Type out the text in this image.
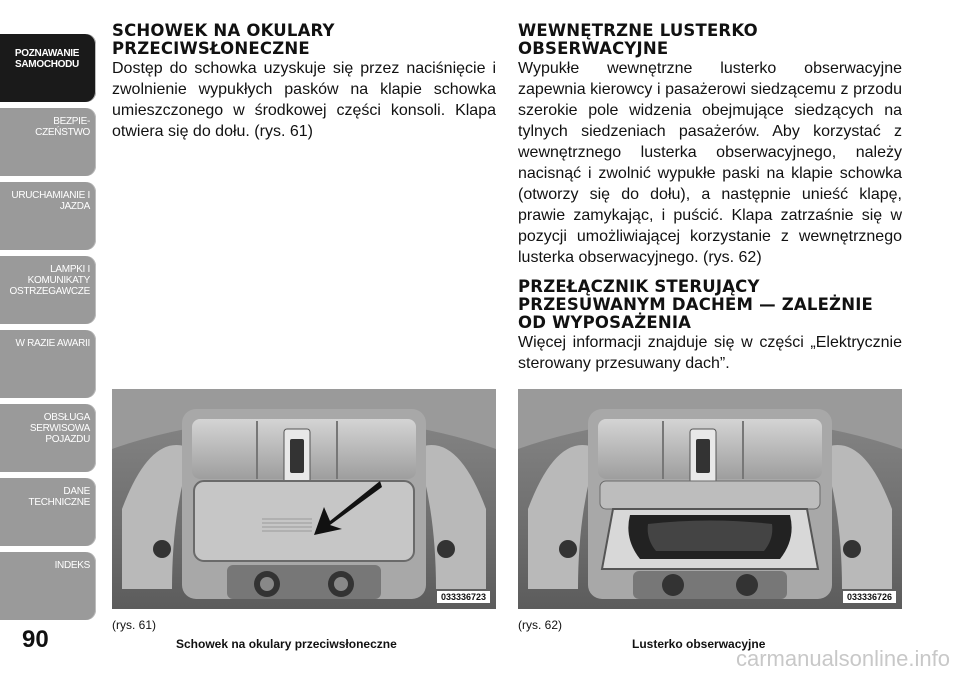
POZNAWANIE SAMOCHODU
BEZPIE- CZEŃSTWO
URUCHAMIANIE I JAZDA
LAMPKI I KOMUNIKATY OSTRZEGAWCZE
W RAZIE AWARII
OBSŁUGA SERWISOWA POJAZDU
DANE TECHNICZNE
INDEKS
90
SCHOWEK NA OKULARY PRZECIWSŁONECZNE

Dostęp do schowka uzyskuje się przez naciśnięcie i zwolnienie wypukłych pasków na klapie schowka umieszczonego w środkowej części konsoli. Klapa otwiera się do dołu. (rys. 61)

WEWNĘTRZNE LUSTERKO OBSERWACYJNE

Wypukłe wewnętrzne lusterko obserwacyjne zapewnia kierowcy i pasażerowi siedzącemu z przodu szerokie pole widzenia obejmujące siedzących na tylnych siedzeniach pasażerów. Aby korzystać z wewnętrznego lusterka obserwacyjnego, należy nacisnąć i zwolnić wypukłe paski na klapie schowka (otworzy się do dołu), a następnie unieść klapę, prawie zamykając, i puścić. Klapa zatrzaśnie się w pozycji umożliwiającej korzystanie z wewnętrznego lusterka obserwacyjnego. (rys. 62)

PRZEŁĄCZNIK STERUJĄCY PRZESUWANYM DACHEM — ZALEŻNIE OD WYPOSAŻENIA

Więcej informacji znajduje się w części „Elektrycznie sterowany przesuwany dach”.

033336723
(rys. 61)
Schowek na okulary przeciwsłoneczne
033336726
(rys. 62)
Lusterko obserwacyjne
carmanualsonline.info
